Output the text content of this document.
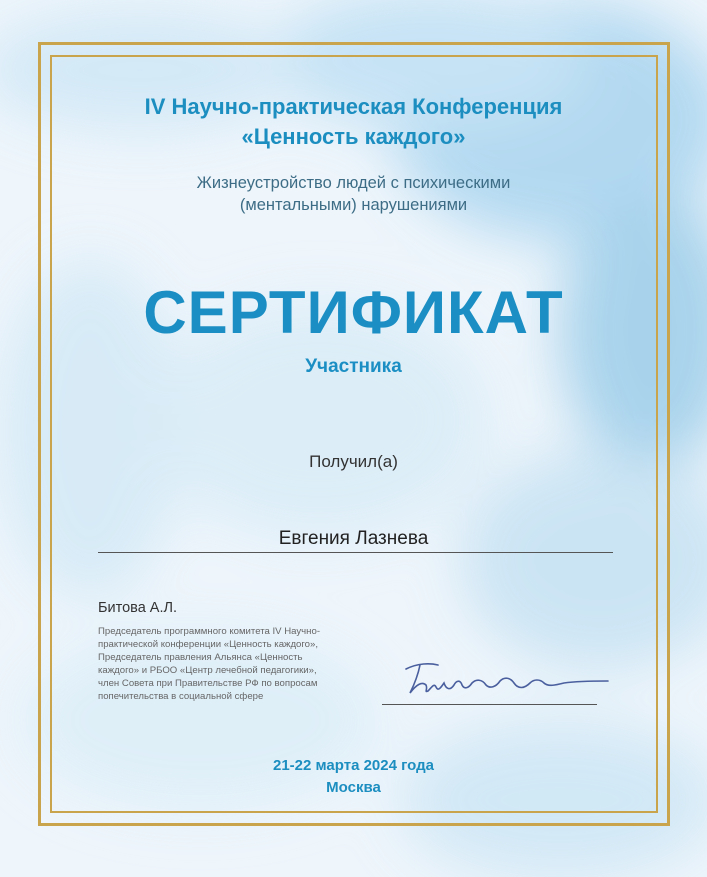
IV Научно-практическая Конференция
«Ценность каждого»
Жизнеустройство людей с психическими
(ментальными) нарушениями
СЕРТИФИКАТ
Участника
Получил(а)
Евгения Лазнева
Битова А.Л.
Председатель программного комитета IV Научно-
практической конференции «Ценность каждого»,
Председатель правления Альянса «Ценность
каждого» и РБОО «Центр лечебной педагогики»,
член Совета при Правительстве РФ по вопросам
попечительства в социальной сфере
21-22 марта 2024 года
Москва
